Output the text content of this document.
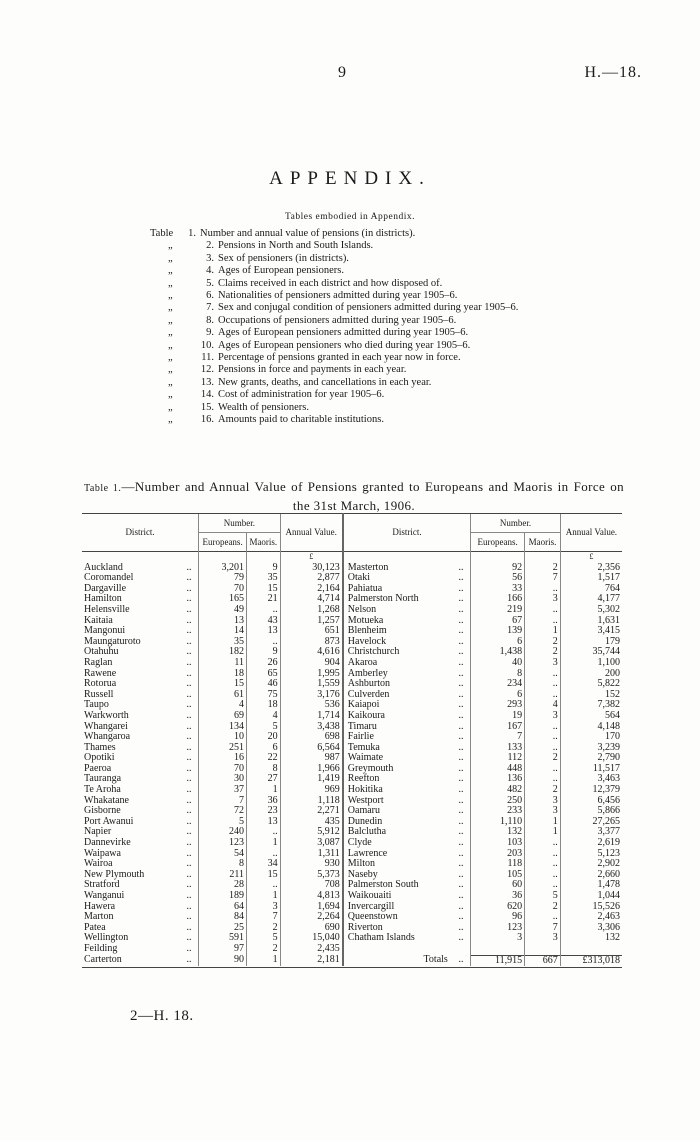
9	H.—18.
APPENDIX.
Tables embodied in Appendix.
Table	1. Number and annual value of pensions (in districts).
„	2. Pensions in North and South Islands.
„	3. Sex of pensioners (in districts).
„	4. Ages of European pensioners.
„	5. Claims received in each district and how disposed of.
„	6. Nationalities of pensioners admitted during year 1905–6.
„	7. Sex and conjugal condition of pensioners admitted during year 1905–6.
„	8. Occupations of pensioners admitted during year 1905–6.
„	9. Ages of European pensioners admitted during year 1905–6.
„	10. Ages of European pensioners who died during year 1905–6.
„	11. Percentage of pensions granted in each year now in force.
„	12. Pensions in force and payments in each year.
„	13. New grants, deaths, and cancellations in each year.
„	14. Cost of administration for year 1905–6.
„	15. Wealth of pensioners.
„	16. Amounts paid to charitable institutions.
Table 1.—Number and Annual Value of Pensions granted to Europeans and Maoris in Force on the 31st March, 1906.
District.		Number.		Annual Value.	District.		Number.		Annual Value.
		Europeans.	Maoris.				Europeans.	Maoris.	
				£					£
Auckland	..	3,201	9	30,123	Masterton	..	92	2	2,356
Coromandel	..	79	35	2,877	Otaki	..	56	7	1,517
Dargaville	..	70	15	2,164	Pahiatua	..	33	..	764
Hamilton	..	165	21	4,714	Palmerston North	..	166	3	4,177
Helensville	..	49	..	1,268	Nelson	..	219	..	5,302
Kaitaia	..	13	43	1,257	Motueka	..	67	..	1,631
Mangonui	..	14	13	651	Blenheim	..	139	1	3,415
Maungaturoto	..	35	..	873	Havelock	..	6	2	179
Otahuhu	..	182	9	4,616	Christchurch	..	1,438	2	35,744
Raglan	..	11	26	904	Akaroa	..	40	3	1,100
Rawene	..	18	65	1,995	Amberley	..	8	..	200
Rotorua	..	15	46	1,559	Ashburton	..	234	..	5,822
Russell	..	61	75	3,176	Culverden	..	6	..	152
Taupo	..	4	18	536	Kaiapoi	..	293	4	7,382
Warkworth	..	69	4	1,714	Kaikoura	..	19	3	564
Whangarei	..	134	5	3,438	Timaru	..	167	..	4,148
Whangaroa	..	10	20	698	Fairlie	..	7	..	170
Thames	..	251	6	6,564	Temuka	..	133	..	3,239
Opotiki	..	16	22	987	Waimate	..	112	2	2,790
Paeroa	..	70	8	1,966	Greymouth	..	448	..	11,517
Tauranga	..	30	27	1,419	Reefton	..	136	..	3,463
Te Aroha	..	37	1	969	Hokitika	..	482	2	12,379
Whakatane	..	7	36	1,118	Westport	..	250	3	6,456
Gisborne	..	72	23	2,271	Oamaru	..	233	3	5,866
Port Awanui	..	5	13	435	Dunedin	..	1,110	1	27,265
Napier	..	240	..	5,912	Balclutha	..	132	1	3,377
Dannevirke	..	123	1	3,087	Clyde	..	103	..	2,619
Waipawa	..	54	..	1,311	Lawrence	..	203	..	5,123
Wairoa	..	8	34	930	Milton	..	118	..	2,902
New Plymouth	..	211	15	5,373	Naseby	..	105	..	2,660
Stratford	..	28	..	708	Palmerston South	..	60	..	1,478
Wanganui	..	189	1	4,813	Waikouaiti	..	36	5	1,044
Hawera	..	64	3	1,694	Invercargill	..	620	2	15,526
Marton	..	84	7	2,264	Queenstown	..	96	..	2,463
Patea	..	25	2	690	Riverton	..	123	7	3,306
Wellington	..	591	5	15,040	Chatham Islands	..	3	3	132
Feilding	..	97	2	2,435					
Carterton	..	90	1	2,181	Totals	..	11,915	667	£313,018
2—H. 18.
